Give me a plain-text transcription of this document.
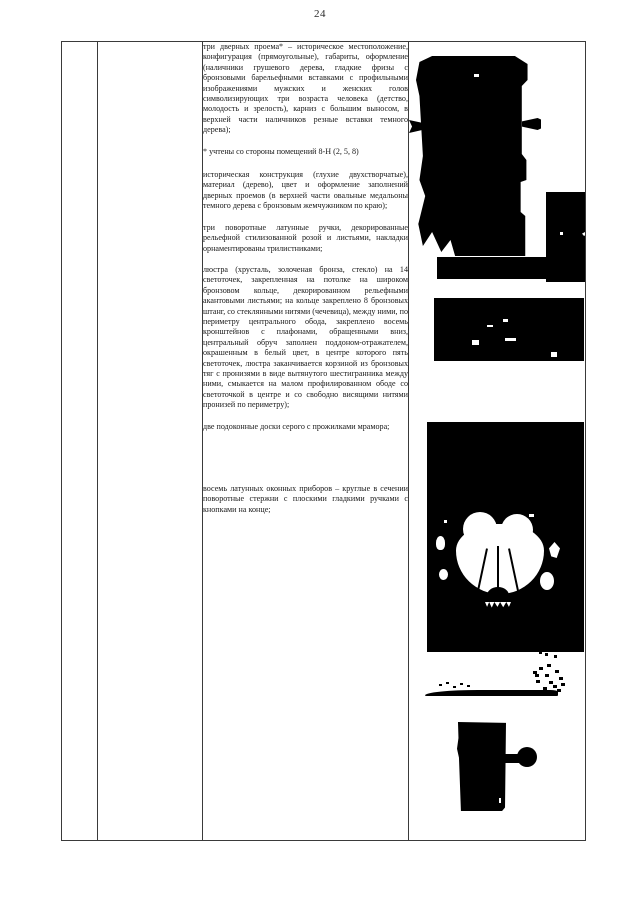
24

три дверных проема* – историческое местоположение, конфигурация (прямоугольные), габариты, оформление (наличники грушевого дерева, гладкие фризы с бронзовыми барельефными вставками с профильными изображениями мужских и женских голов символизирующих три возраста человека (детство, молодость и зрелость), карниз с большим выносом, в верхней части наличников резные вставки темного дерева);

* учтены со стороны помещений 8-Н (2, 5, 8)

историческая конструкция (глухие двухстворчатые), материал (дерево), цвет и оформление заполнений дверных проемов (в верхней части овальные медальоны темного дерева с бронзовым жемчужником по краю);

три поворотные латунные ручки, декорированные рельефной стилизованной розой и листьями, накладки орнаментированы трилистниками;

люстра (хрусталь, золоченая бронза, стекло) на 14 светоточек, закрепленная на потолке на широком бронзовом кольце, декорированном рельефными акантовыми листьями; на кольце закреплено 8 бронзовых штанг, со стеклянными нитями (чечевица), между ними, по периметру центрального обода, закреплено восемь кронштейнов с плафонами, обращенными вниз, центральный обруч заполнен поддоном-отражателем, окрашенным в белый цвет, в центре которого пять светоточек, люстра заканчивается корзиной из бронзовых тяг с пронизями в виде вытянутого шестигранника между ними, смыкается на малом профилированном ободе со светоточкой в центре и со свободно висящими нитями пронизей по периметру);

две подоконные доски серого с прожилками мрамора;

восемь латунных оконных приборов – круглые в сечении поворотные стержни с плоскими гладкими ручками с кнопками на конце;
